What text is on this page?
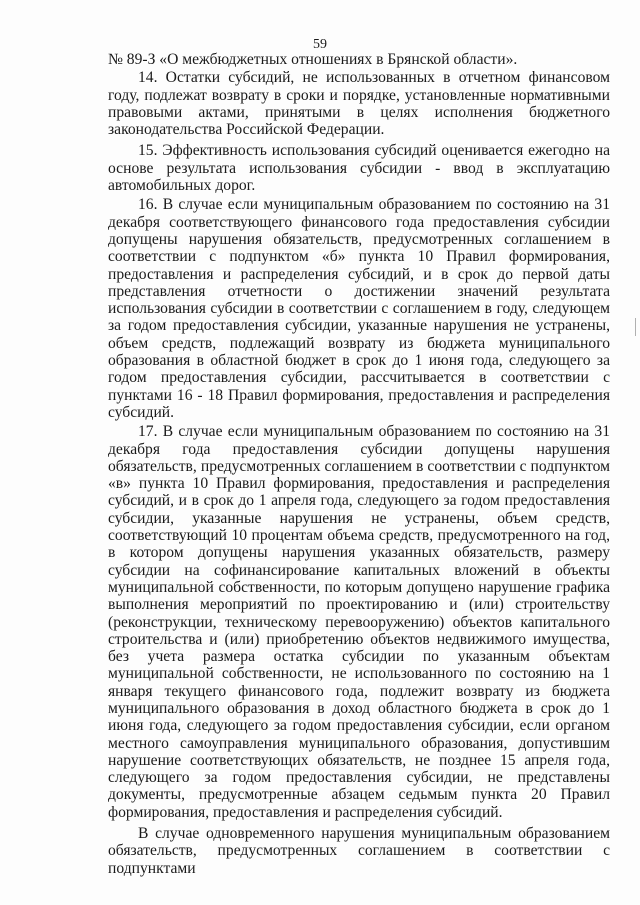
59

№ 89-З «О межбюджетных отношениях в Брянской области».

14. Остатки субсидий, не использованных в отчетном финансовом году, подлежат возврату в сроки и порядке, установленные нормативными правовыми актами, принятыми в целях исполнения бюджетного законодательства Российской Федерации.

15. Эффективность использования субсидий оценивается ежегодно на основе результата использования субсидии - ввод в эксплуатацию автомобильных дорог.

16. В случае если муниципальным образованием по состоянию на 31 декабря соответствующего финансового года предоставления субсидии допущены нарушения обязательств, предусмотренных соглашением в соответствии с подпунктом «б» пункта 10 Правил формирования, предоставления и распределения субсидий, и в срок до первой даты представления отчетности о достижении значений результата использования субсидии в соответствии с соглашением в году, следующем за годом предоставления субсидии, указанные нарушения не устранены, объем средств, подлежащий возврату из бюджета муниципального образования в областной бюджет в срок до 1 июня года, следующего за годом предоставления субсидии, рассчитывается в соответствии с пунктами 16 - 18 Правил формирования, предоставления и распределения субсидий.

17. В случае если муниципальным образованием по состоянию на 31 декабря года предоставления субсидии допущены нарушения обязательств, предусмотренных соглашением в соответствии с подпунктом «в» пункта 10 Правил формирования, предоставления и распределения субсидий, и в срок до 1 апреля года, следующего за годом предоставления субсидии, указанные нарушения не устранены, объем средств, соответствующий 10 процентам объема средств, предусмотренного на год, в котором допущены нарушения указанных обязательств, размеру субсидии на софинансирование капитальных вложений в объекты муниципальной собственности, по которым допущено нарушение графика выполнения мероприятий по проектированию и (или) строительству (реконструкции, техническому перевооружению) объектов капитального строительства и (или) приобретению объектов недвижимого имущества, без учета размера остатка субсидии по указанным объектам муниципальной собственности, не использованного по состоянию на 1 января текущего финансового года, подлежит возврату из бюджета муниципального образования в доход областного бюджета в срок до 1 июня года, следующего за годом предоставления субсидии, если органом местного самоуправления муниципального образования, допустившим нарушение соответствующих обязательств, не позднее 15 апреля года, следующего за годом предоставления субсидии, не представлены документы, предусмотренные абзацем седьмым пункта 20 Правил формирования, предоставления и распределения субсидий.

В случае одновременного нарушения муниципальным образованием обязательств, предусмотренных соглашением в соответствии с подпунктами
